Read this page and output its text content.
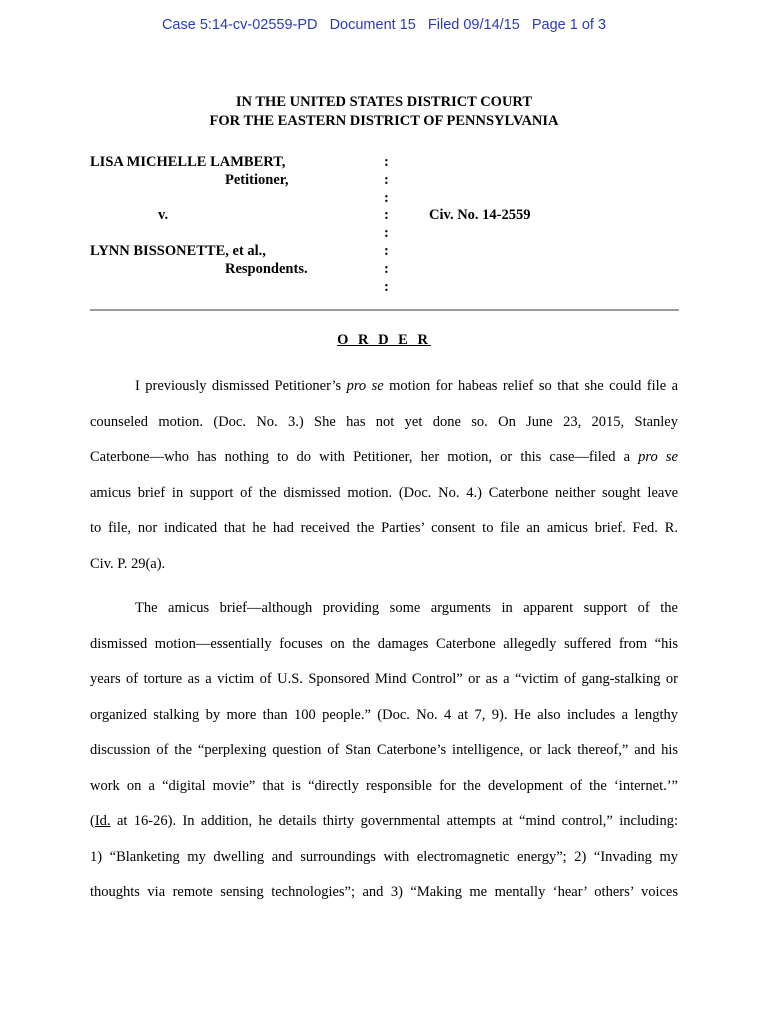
Case 5:14-cv-02559-PD   Document 15   Filed 09/14/15   Page 1 of 3
IN THE UNITED STATES DISTRICT COURT
FOR THE EASTERN DISTRICT OF PENNSYLVANIA
LISA MICHELLE LAMBERT,
Petitioner,
v.	Civ. No. 14-2559
LYNN BISSONETTE, et al.,
Respondents.
:
:
:
:
:
:
:
:
O R D E R
I previously dismissed Petitioner’s pro se motion for habeas relief so that she could file a
counseled motion. (Doc. No. 3.) She has not yet done so. On June 23, 2015, Stanley
Caterbone—who has nothing to do with Petitioner, her motion, or this case—filed a pro se
amicus brief in support of the dismissed motion. (Doc. No. 4.) Caterbone neither sought leave
to file, nor indicated that he had received the Parties’ consent to file an amicus brief. Fed. R.
Civ. P. 29(a).
The amicus brief—although providing some arguments in apparent support of the
dismissed motion—essentially focuses on the damages Caterbone allegedly suffered from “his
years of torture as a victim of U.S. Sponsored Mind Control” or as a “victim of gang-stalking or
organized stalking by more than 100 people.” (Doc. No. 4 at 7, 9). He also includes a lengthy
discussion of the “perplexing question of Stan Caterbone’s intelligence, or lack thereof,” and his
work on a “digital movie” that is “directly responsible for the development of the ‘internet.’”
(Id. at 16-26). In addition, he details thirty governmental attempts at “mind control,” including:
1) “Blanketing my dwelling and surroundings with electromagnetic energy”; 2) “Invading my
thoughts via remote sensing technologies”; and 3) “Making me mentally ‘hear’ others’ voices
